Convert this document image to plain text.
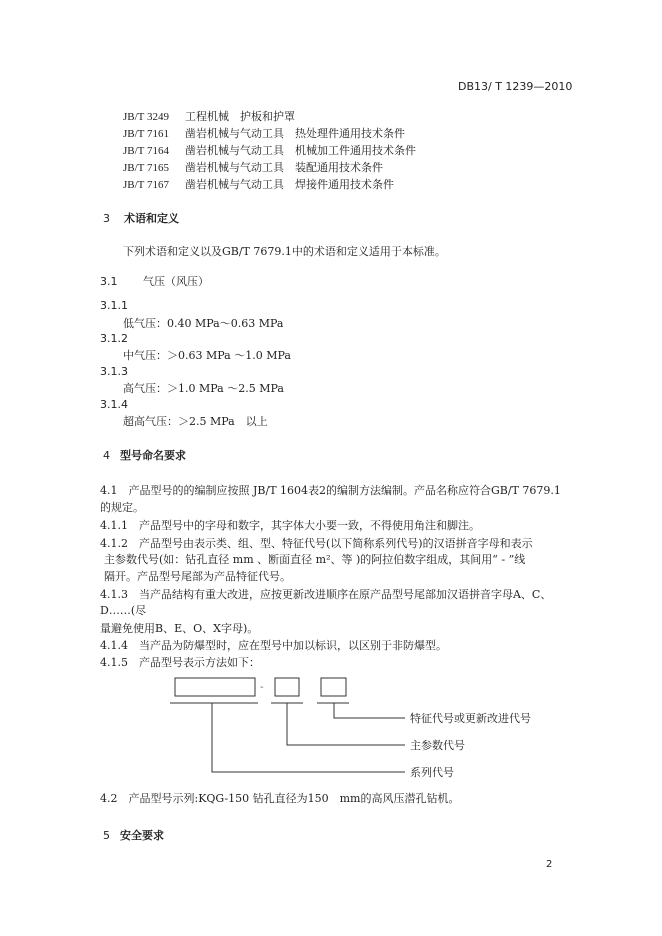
DB13/ T 1239—2010
JB/T 3249 工程机械　护板和护罩
JB/T 7161 凿岩机械与气动工具　热处理件通用技术条件
JB/T 7164 凿岩机械与气动工具　机械加工件通用技术条件
JB/T 7165 凿岩机械与气动工具　装配通用技术条件
JB/T 7167 凿岩机械与气动工具　焊接件通用技术条件
3 术语和定义
下列术语和定义以及GB/T 7679.1中的术语和定义适用于本标准。
3.1 气压（风压）
3.1.1
低气压：0.40 MPa～0.63 MPa
3.1.2
中气压：＞0.63 MPa ～1.0 MPa
3.1.3
高气压：＞1.0 MPa ～2.5 MPa
3.1.4
超高气压：＞2.5 MPa　以上
4 型号命名要求
4.1　产品型号的的编制应按照 JB/T 1604表2的编制方法编制。产品名称应符合GB/T 7679.1
的规定。
4.1.1　产品型号中的字母和数字，其字体大小要一致，不得使用角注和脚注。
4.1.2　产品型号由表示类、组、型、特征代号(以下简称系列代号)的汉语拼音字母和表示
主参数代号(如：钻孔直径 mm 、断面直径 m²、等 )的阿拉伯数字组成，其间用“ - ”线
隔开。产品型号尾部为产品特征代号。
4.1.3　当产品结构有重大改进，应按更新改进顺序在原产品型号尾部加汉语拼音字母A、C、
D……(尽
量避免使用B、E、O、X字母)。
4.1.4　当产品为防爆型时，应在型号中加以标识，以区别于非防爆型。
4.1.5　产品型号表示方法如下：
-
特征代号或更新改进代号
主参数代号
系列代号
4.2　产品型号示列:KQG-150 钻孔直径为150　mm的高风压潜孔钻机。
5 安全要求
2
